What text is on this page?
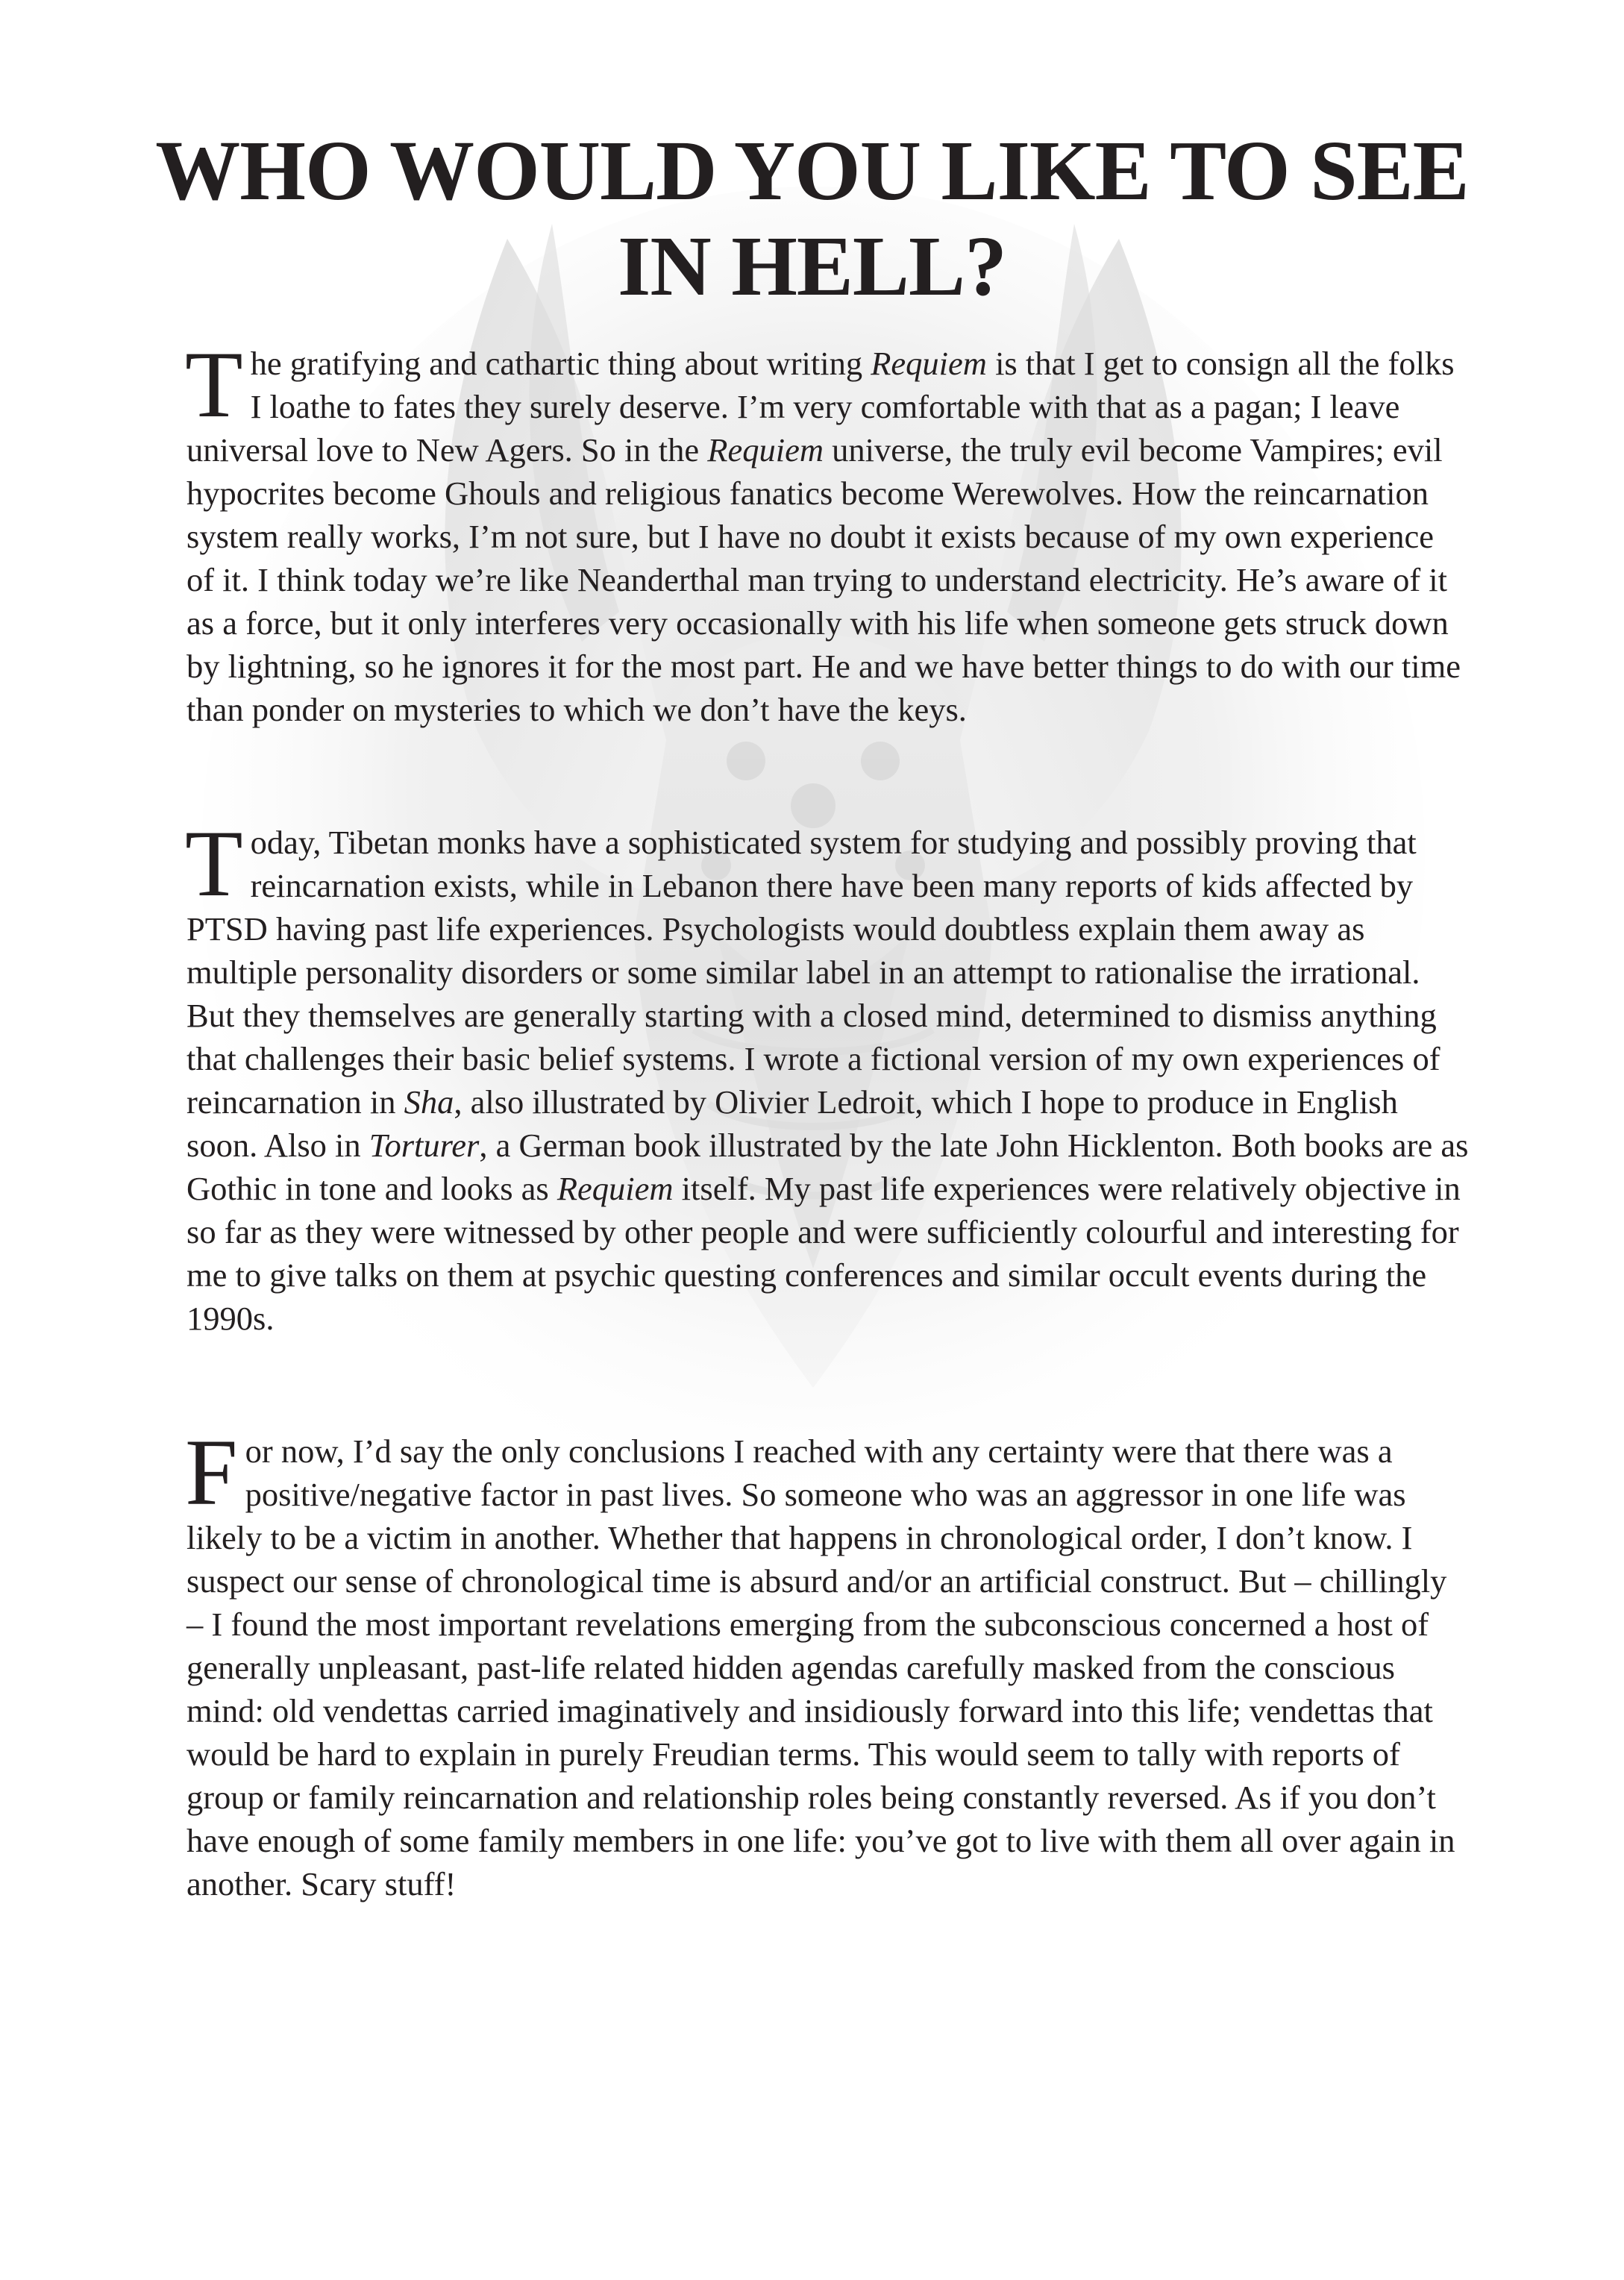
WHO WOULD YOU LIKE TO SEE IN HELL?

The gratifying and cathartic thing about writing Requiem is that I get to consign all the folks I loathe to fates they surely deserve. I’m very comfortable with that as a pagan; I leave universal love to New Agers. So in the Requiem universe, the truly evil become Vampires; evil hypocrites become Ghouls and religious fanatics become Werewolves. How the reincarnation system really works, I’m not sure, but I have no doubt it exists because of my own experience of it. I think today we’re like Neanderthal man trying to understand electricity. He’s aware of it as a force, but it only interferes very occasionally with his life when someone gets struck down by lightning, so he ignores it for the most part. He and we have better things to do with our time than ponder on mysteries to which we don’t have the keys.

Today, Tibetan monks have a sophisticated system for studying and possibly proving that reincarnation exists, while in Lebanon there have been many reports of kids affected by PTSD having past life experiences. Psychologists would doubtless explain them away as multiple personality disorders or some similar label in an attempt to rationalise the irrational. But they themselves are generally starting with a closed mind, determined to dismiss anything that challenges their basic belief systems. I wrote a fictional version of my own experiences of reincarnation in Sha, also illustrated by Olivier Ledroit, which I hope to produce in English soon. Also in Torturer, a German book illustrated by the late John Hicklenton. Both books are as Gothic in tone and looks as Requiem itself. My past life experiences were relatively objective in so far as they were witnessed by other people and were sufficiently colourful and interesting for me to give talks on them at psychic questing conferences and similar occult events during the 1990s.

For now, I’d say the only conclusions I reached with any certainty were that there was a positive/negative factor in past lives. So someone who was an aggressor in one life was likely to be a victim in another. Whether that happens in chronological order, I don’t know. I suspect our sense of chronological time is absurd and/or an artificial construct. But – chillingly – I found the most important revelations emerging from the subconscious concerned a host of generally unpleasant, past-life related hidden agendas carefully masked from the conscious mind: old vendettas carried imaginatively and insidiously forward into this life; vendettas that would be hard to explain in purely Freudian terms. This would seem to tally with reports of group or family reincarnation and relationship roles being constantly reversed. As if you don’t have enough of some family members in one life: you’ve got to live with them all over again in another. Scary stuff!
